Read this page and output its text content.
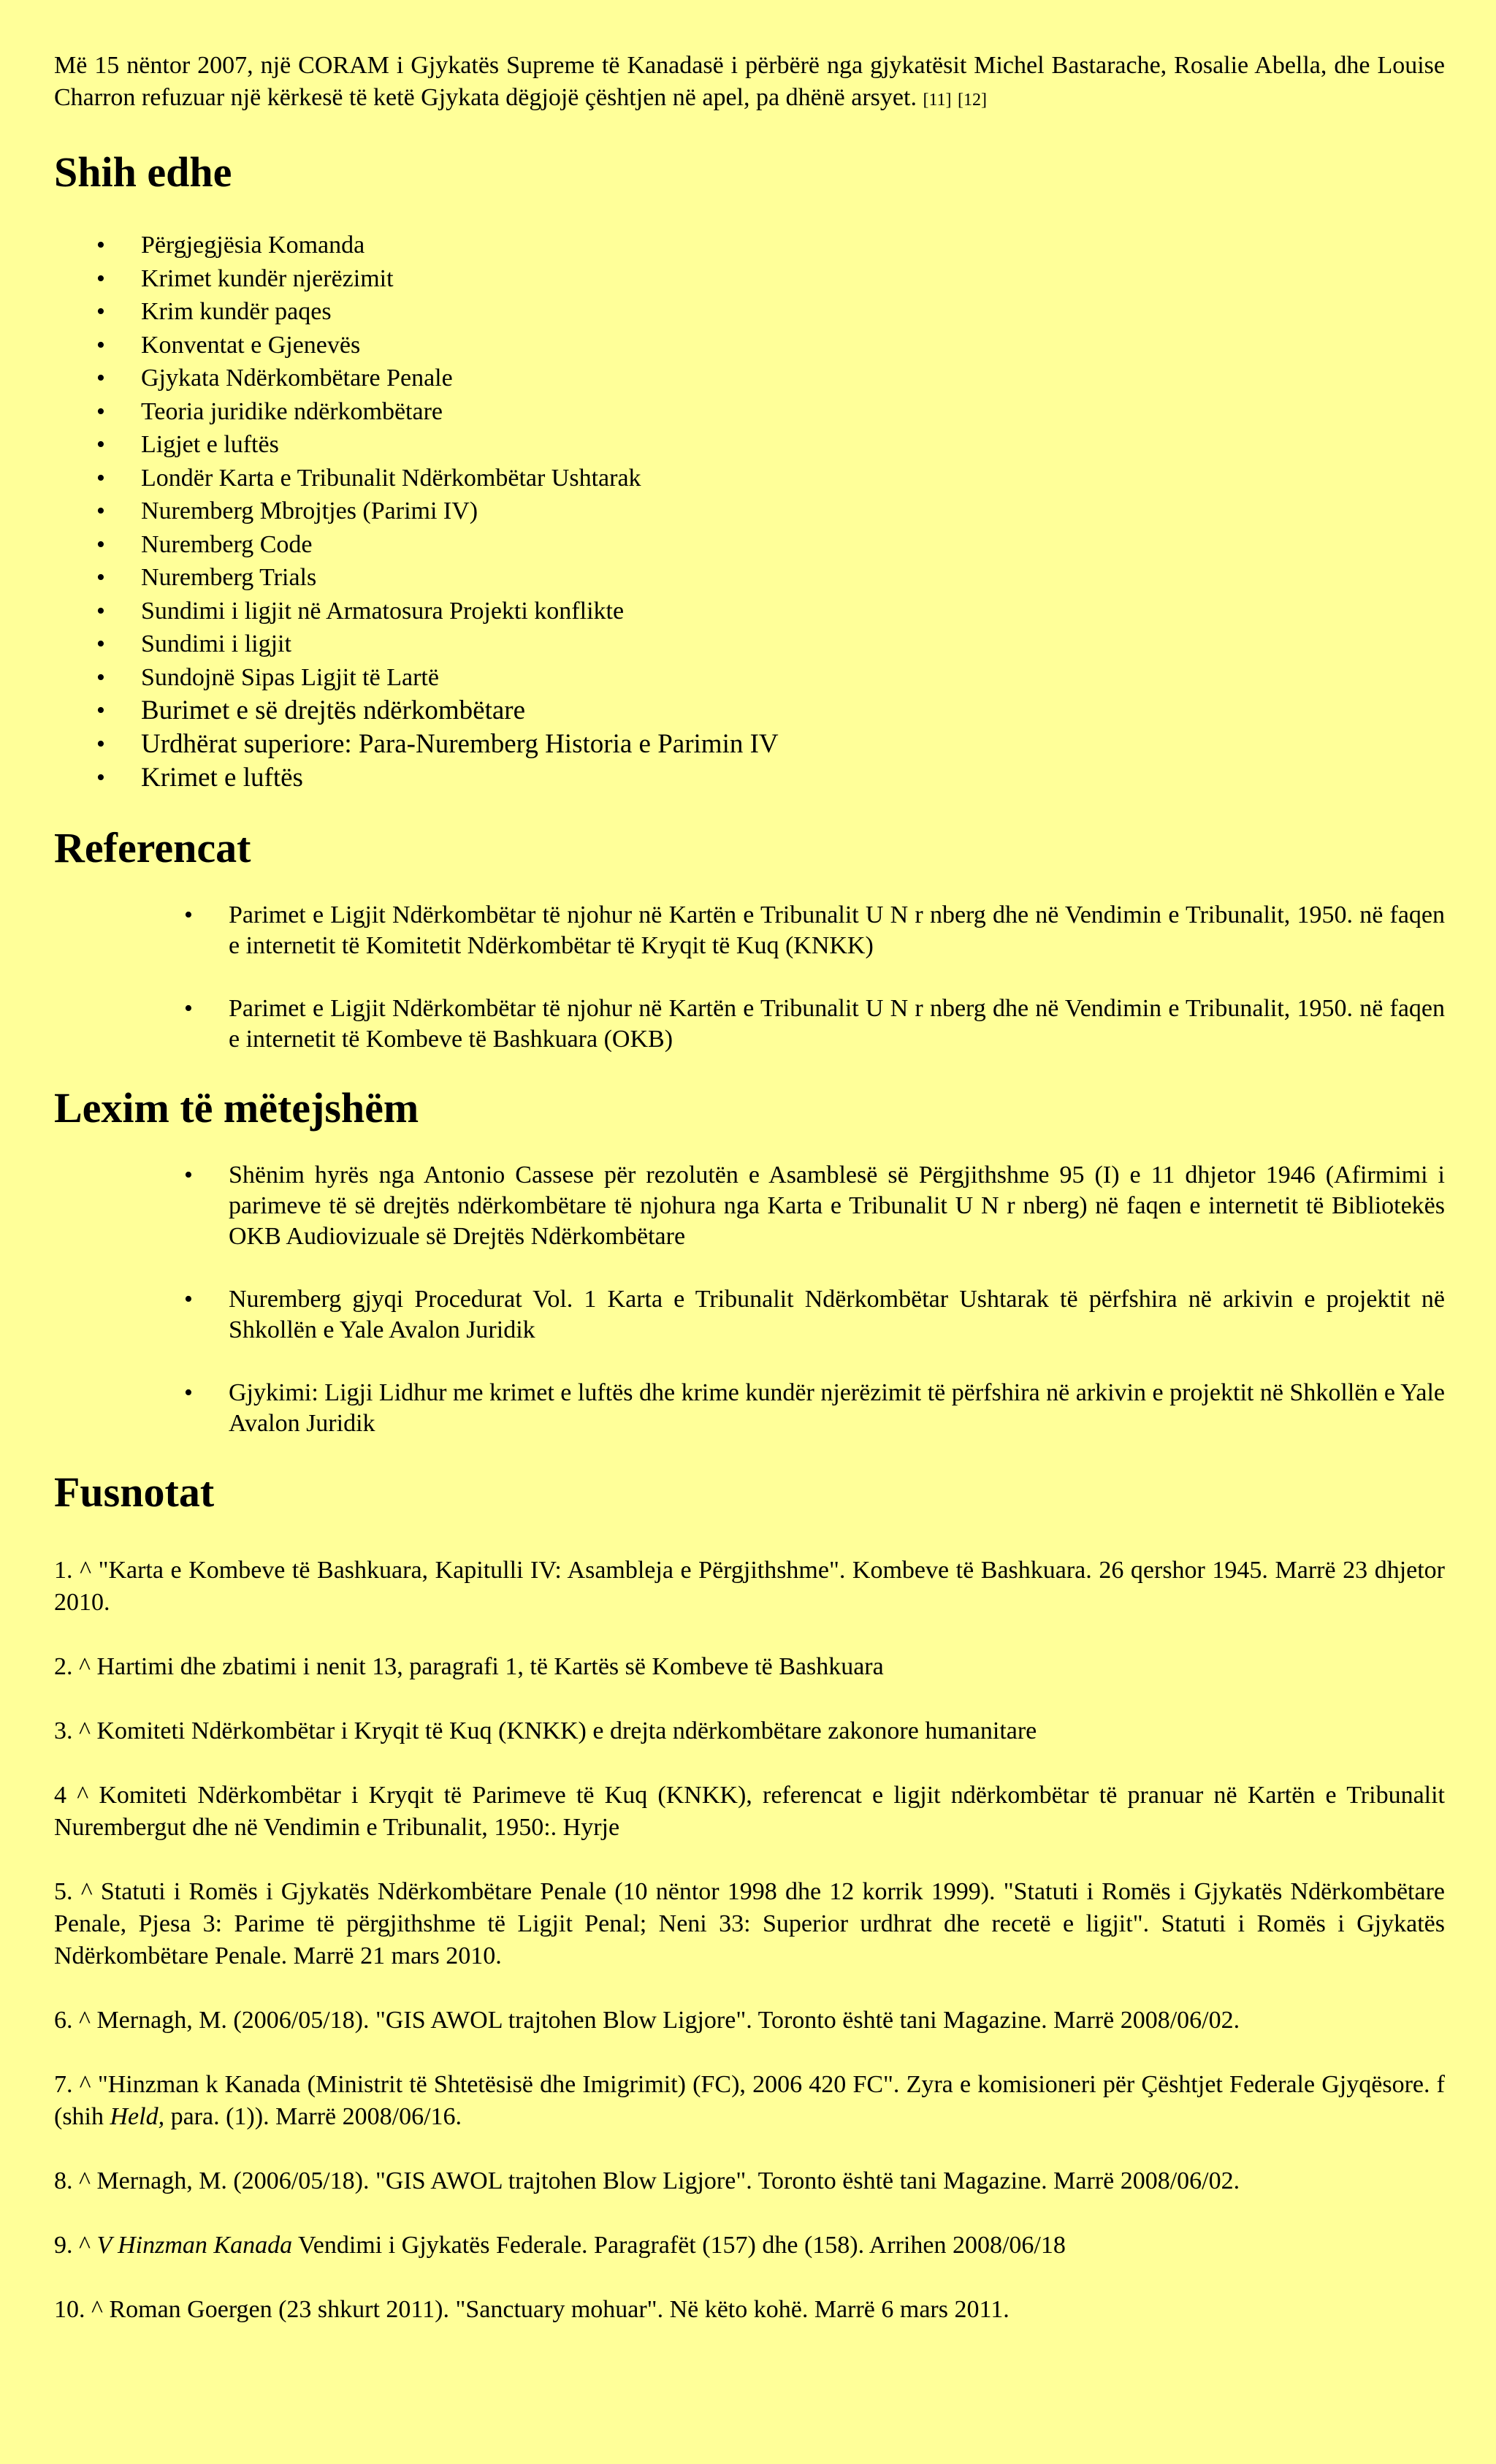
Më 15 nëntor 2007, një CORAM i Gjykatës Supreme të Kanadasë i përbërë nga gjykatësit Michel Bastarache, Rosalie Abella, dhe Louise Charron refuzuar një kërkesë të ketë Gjykata dëgjojë çështjen në apel, pa dhënë arsyet. [11] [12]

Shih edhe
• Përgjegjësia Komanda
• Krimet kundër njerëzimit
• Krim kundër paqes
• Konventat e Gjenevës
• Gjykata Ndërkombëtare Penale
• Teoria juridike ndërkombëtare
• Ligjet e luftës
• Londër Karta e Tribunalit Ndërkombëtar Ushtarak
• Nuremberg Mbrojtjes (Parimi IV)
• Nuremberg Code
• Nuremberg Trials
• Sundimi i ligjit në Armatosura Projekti konflikte
• Sundimi i ligjit
• Sundojnë Sipas Ligjit të Lartë
• Burimet e së drejtës ndërkombëtare
• Urdhërat superiore: Para-Nuremberg Historia e Parimin IV
• Krimet e luftës
Referencat
• Parimet e Ligjit Ndërkombëtar të njohur në Kartën e Tribunalit U N r nberg dhe në Vendimin e Tribunalit, 1950. në faqen e internetit të Komitetit Ndërkombëtar të Kryqit të Kuq (KNKK)
• Parimet e Ligjit Ndërkombëtar të njohur në Kartën e Tribunalit U N r nberg dhe në Vendimin e Tribunalit, 1950. në faqen e internetit të Kombeve të Bashkuara (OKB)
Lexim të mëtejshëm
• Shënim hyrës nga Antonio Cassese për rezolutën e Asamblesë së Përgjithshme 95 (I) e 11 dhjetor 1946 (Afirmimi i parimeve të së drejtës ndërkombëtare të njohura nga Karta e Tribunalit U N r nberg) në faqen e internetit të Bibliotekës OKB Audiovizuale së Drejtës Ndërkombëtare
• Nuremberg gjyqi Procedurat Vol. 1 Karta e Tribunalit Ndërkombëtar Ushtarak të përfshira në arkivin e projektit në Shkollën e Yale Avalon Juridik
• Gjykimi: Ligji Lidhur me krimet e luftës dhe krime kundër njerëzimit të përfshira në arkivin e projektit në Shkollën e Yale Avalon Juridik
Fusnotat

1. ^ "Karta e Kombeve të Bashkuara, Kapitulli IV: Asambleja e Përgjithshme". Kombeve të Bashkuara. 26 qershor 1945. Marrë 23 dhjetor 2010.

2. ^ Hartimi dhe zbatimi i nenit 13, paragrafi 1, të Kartës së Kombeve të Bashkuara

3. ^ Komiteti Ndërkombëtar i Kryqit të Kuq (KNKK) e drejta ndërkombëtare zakonore humanitare

4 ^ Komiteti Ndërkombëtar i Kryqit të Parimeve të Kuq (KNKK), referencat e ligjit ndërkombëtar të pranuar në Kartën e Tribunalit Nurembergut dhe në Vendimin e Tribunalit, 1950:. Hyrje

5. ^ Statuti i Romës i Gjykatës Ndërkombëtare Penale (10 nëntor 1998 dhe 12 korrik 1999). "Statuti i Romës i Gjykatës Ndërkombëtare Penale, Pjesa 3: Parime të përgjithshme të Ligjit Penal; Neni 33: Superior urdhrat dhe recetë e ligjit". Statuti i Romës i Gjykatës Ndërkombëtare Penale. Marrë 21 mars 2010.

6. ^ Mernagh, M. (2006/05/18). "GIS AWOL trajtohen Blow Ligjore". Toronto është tani Magazine. Marrë 2008/06/02.

7. ^ "Hinzman k Kanada (Ministrit të Shtetësisë dhe Imigrimit) (FC), 2006 420 FC". Zyra e komisioneri për Çështjet Federale Gjyqësore. f (shih Held, para. (1)). Marrë 2008/06/16.

8. ^ Mernagh, M. (2006/05/18). "GIS AWOL trajtohen Blow Ligjore". Toronto është tani Magazine. Marrë 2008/06/02.

9. ^ V Hinzman Kanada Vendimi i Gjykatës Federale. Paragrafët (157) dhe (158). Arrihen 2008/06/18

10. ^ Roman Goergen (23 shkurt 2011). "Sanctuary mohuar". Në këto kohë. Marrë 6 mars 2011.
